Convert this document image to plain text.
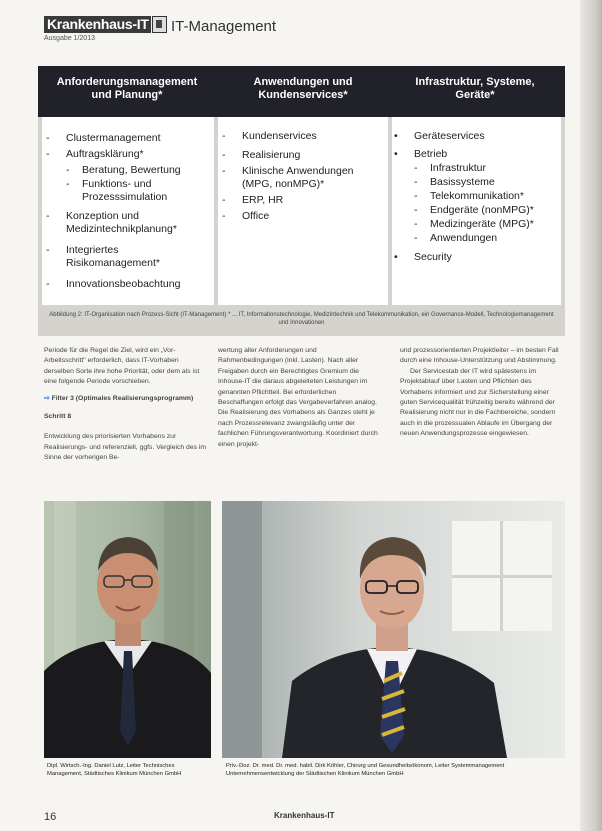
Krankenhaus-IT
Ausgabe 1/2013
IT-Management
Anforderungsmanagement und Planung*
Anwendungen und Kundenservices*
Infrastruktur, Systeme, Geräte*
- Clustermanagement
- Auftragsklärung*
- Beratung, Bewertung
- Funktions- und Prozesssimulation
- Konzeption und Medizintechnikplanung*
- Integriertes Risikomanagement*
- Innovationsbeobachtung
- Kundenservices
- Realisierung
- Klinische Anwendungen (MPG, nonMPG)*
- ERP, HR
- Office
• Geräteservices
• Betrieb
- Infrastruktur
- Basissysteme
- Telekommunikation*
- Endgeräte (nonMPG)*
- Medizingeräte (MPG)*
- Anwendungen
• Security
Abbildung 2: IT-Organisation nach Prozess-Sicht (IT-Management) * ... IT, Informationstechnologie, Medizintechnik und Telekommunikation, ein Governance-Modell, Technologiemanagement und Innovationen

Periode für die Regel die Ziel, wird ein „Vor-Arbeitsschritt" erforderlich, dass IT-Vorhaben derselben Sorte ihre hohe Priorität, oder dem als ist eine folgende Periode vorschieben.

⇨ Filter 3 (Optimales Realisierungsprogramm)
Schritt 8

Entwicklung des priorisierten Vorhabens zur Realisierungs- und referenziell, ggfs. Vergleich des im Sinne der vorherigen Be-

wertung aller Anforderungen und Rahmenbedingungen (inkl. Lasten). Nach aller Freigaben durch ein Berechtigtes Gremium die Inhouse-IT die daraus abgeleiteten Leistungen im genannten Pflichtteil. Bei erforderlichen Beschaffungen erfolgt das Vergabeverfahren analog. Die Realisierung des Vorhabens als Ganzes steht je nach Prozessrelevanz zwangsläufig unter der fachlichen Führungsverantwortung. Koordiniert durch einen projekt-

und prozessorientierten Projektleiter – im besten Fall durch eine Inhouse-Unterstützung und Abstimmung.

Der Servicestab der IT wird spätestens im Projektablauf über Lasten und Pflichten des Vorhabens informiert und zur Sicherstellung einer guten Servicequalität frühzeitig bereits während der Realisierung nicht nur in die Fachbereiche, sondern auch in die prozessualen Ablaufe im Übergang der neuen Anwendungsprozesse eingewiesen.

Dipl. Wirtsch.-Ing. Daniel Lutz, Leiter Technisches Management, Städtisches Klinikum München GmbH
Priv.-Doz. Dr. med. Dr. med. habil. Dirk Köhler, Chirurg und Gesundheitsökonom, Leiter Systemmanagement Unternehmensentwicklung der Städtischen Klinikum München GmbH
16	Krankenhaus-IT
